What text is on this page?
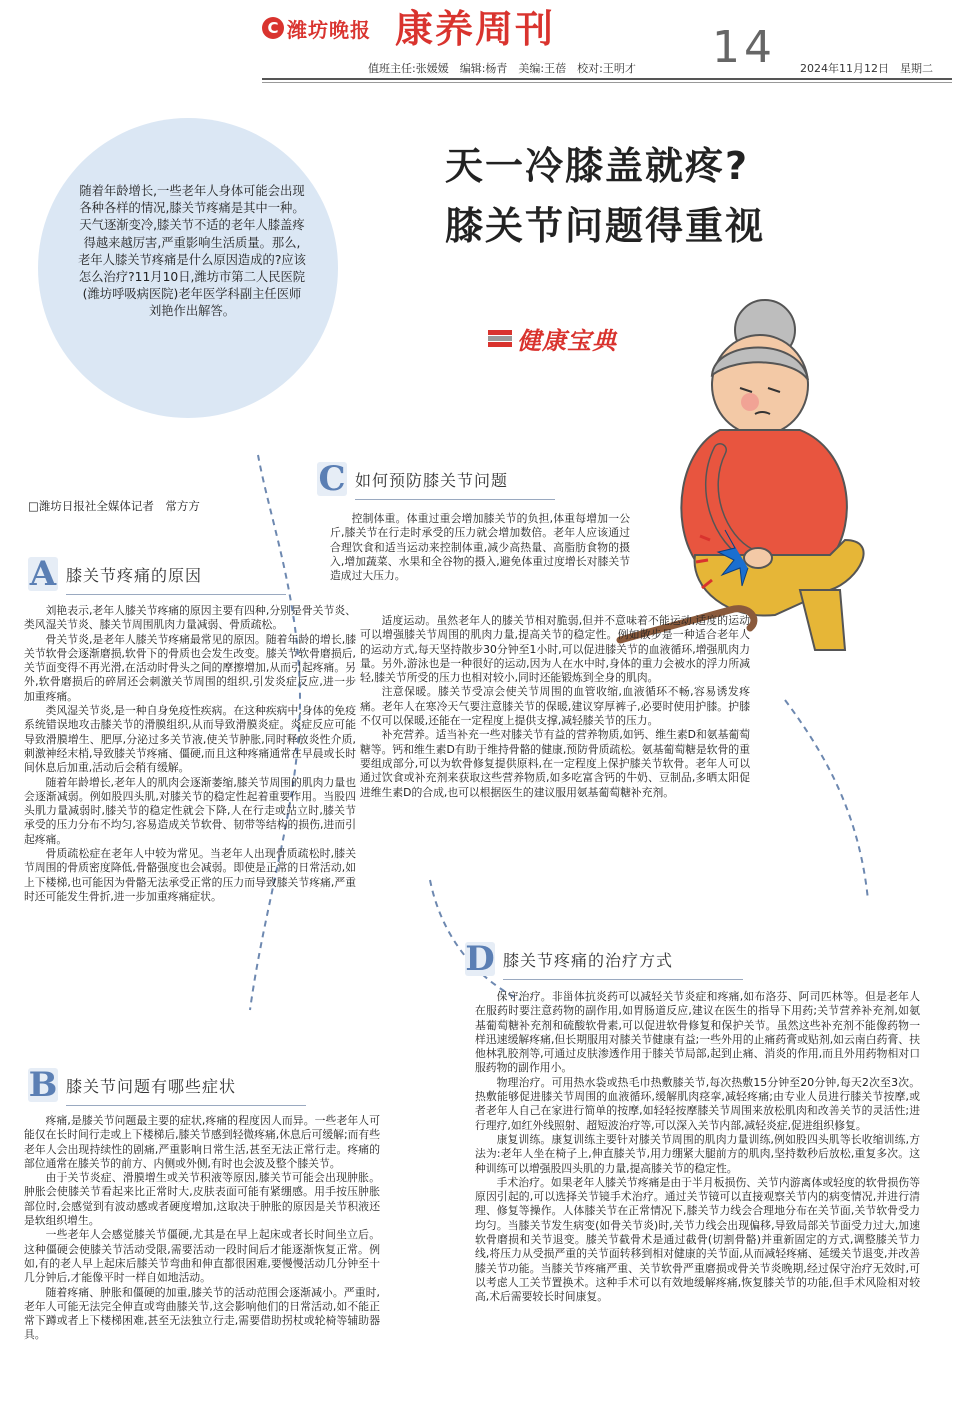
C 潍坊晚报 康养周刊	14
值班主任:张媛媛　编辑:杨青　美编:王蓓　校对:王明才	2024年11月12日　星期二
天一冷膝盖就疼?
膝关节问题得重视
随着年龄增长,一些老年人身体可能会出现各种各样的情况,膝关节疼痛是其中一种。天气逐渐变冷,膝关节不适的老年人膝盖疼得越来越厉害,严重影响生活质量。那么,老年人膝关节疼痛是什么原因造成的?应该怎么治疗?11月10日,潍坊市第二人民医院(潍坊呼吸病医院)老年医学科副主任医师刘艳作出解答。
健康宝典
□潍坊日报社全媒体记者　常方方
A 膝关节疼痛的原因

刘艳表示,老年人膝关节疼痛的原因主要有四种,分别是骨关节炎、类风湿关节炎、膝关节周围肌肉力量减弱、骨质疏松。

骨关节炎,是老年人膝关节疼痛最常见的原因。随着年龄的增长,膝关节软骨会逐渐磨损,软骨下的骨质也会发生改变。膝关节软骨磨损后,关节面变得不再光滑,在活动时骨头之间的摩擦增加,从而引起疼痛。另外,软骨磨损后的碎屑还会刺激关节周围的组织,引发炎症反应,进一步加重疼痛。

类风湿关节炎,是一种自身免疫性疾病。在这种疾病中,身体的免疫系统错误地攻击膝关节的滑膜组织,从而导致滑膜炎症。炎症反应可能导致滑膜增生、肥厚,分泌过多关节液,使关节肿胀,同时释放炎性介质,刺激神经末梢,导致膝关节疼痛、僵硬,而且这种疼痛通常在早晨或长时间休息后加重,活动后会稍有缓解。

随着年龄增长,老年人的肌肉会逐渐萎缩,膝关节周围的肌肉力量也会逐渐减弱。例如股四头肌,对膝关节的稳定性起着重要作用。当股四头肌力量减弱时,膝关节的稳定性就会下降,人在行走或站立时,膝关节承受的压力分布不均匀,容易造成关节软骨、韧带等结构的损伤,进而引起疼痛。

骨质疏松症在老年人中较为常见。当老年人出现骨质疏松时,膝关节周围的骨质密度降低,骨骼强度也会减弱。即使是正常的日常活动,如上下楼梯,也可能因为骨骼无法承受正常的压力而导致膝关节疼痛,严重时还可能发生骨折,进一步加重疼痛症状。

B 膝关节问题有哪些症状

疼痛,是膝关节问题最主要的症状,疼痛的程度因人而异。一些老年人可能仅在长时间行走或上下楼梯后,膝关节感到轻微疼痛,休息后可缓解;而有些老年人会出现持续性的剧痛,严重影响日常生活,甚至无法正常行走。疼痛的部位通常在膝关节的前方、内侧或外侧,有时也会波及整个膝关节。

由于关节炎症、滑膜增生或关节积液等原因,膝关节可能会出现肿胀。肿胀会使膝关节看起来比正常时大,皮肤表面可能有紧绷感。用手按压肿胀部位时,会感觉到有波动感或者硬度增加,这取决于肿胀的原因是关节积液还是软组织增生。

一些老年人会感觉膝关节僵硬,尤其是在早上起床或者长时间坐立后。这种僵硬会使膝关节活动受限,需要活动一段时间后才能逐渐恢复正常。例如,有的老人早上起床后膝关节弯曲和伸直都很困难,要慢慢活动几分钟至十几分钟后,才能像平时一样自如地活动。

随着疼痛、肿胀和僵硬的加重,膝关节的活动范围会逐渐减小。严重时,老年人可能无法完全伸直或弯曲膝关节,这会影响他们的日常活动,如不能正常下蹲或者上下楼梯困难,甚至无法独立行走,需要借助拐杖或轮椅等辅助器具。

C 如何预防膝关节问题

控制体重。体重过重会增加膝关节的负担,体重每增加一公斤,膝关节在行走时承受的压力就会增加数倍。老年人应该通过合理饮食和适当运动来控制体重,减少高热量、高脂肪食物的摄入,增加蔬菜、水果和全谷物的摄入,避免体重过度增长对膝关节造成过大压力。

适度运动。虽然老年人的膝关节相对脆弱,但并不意味着不能运动,适度的运动可以增强膝关节周围的肌肉力量,提高关节的稳定性。例如散步是一种适合老年人的运动方式,每天坚持散步30分钟至1小时,可以促进膝关节的血液循环,增强肌肉力量。另外,游泳也是一种很好的运动,因为人在水中时,身体的重力会被水的浮力所减轻,膝关节所受的压力也相对较小,同时还能锻炼到全身的肌肉。

注意保暖。膝关节受凉会使关节周围的血管收缩,血液循环不畅,容易诱发疼痛。老年人在寒冷天气要注意膝关节的保暖,建议穿厚裤子,必要时使用护膝。护膝不仅可以保暖,还能在一定程度上提供支撑,减轻膝关节的压力。

补充营养。适当补充一些对膝关节有益的营养物质,如钙、维生素D和氨基葡萄糖等。钙和维生素D有助于维持骨骼的健康,预防骨质疏松。氨基葡萄糖是软骨的重要组成部分,可以为软骨修复提供原料,在一定程度上保护膝关节软骨。老年人可以通过饮食或补充剂来获取这些营养物质,如多吃富含钙的牛奶、豆制品,多晒太阳促进维生素D的合成,也可以根据医生的建议服用氨基葡萄糖补充剂。

D 膝关节疼痛的治疗方式

保守治疗。非甾体抗炎药可以减轻关节炎症和疼痛,如布洛芬、阿司匹林等。但是老年人在服药时要注意药物的副作用,如胃肠道反应,建议在医生的指导下用药;关节营养补充剂,如氨基葡萄糖补充剂和硫酸软骨素,可以促进软骨修复和保护关节。虽然这些补充剂不能像药物一样迅速缓解疼痛,但长期服用对膝关节健康有益;一些外用的止痛药膏或贴剂,如云南白药膏、扶他林乳胶剂等,可通过皮肤渗透作用于膝关节局部,起到止痛、消炎的作用,而且外用药物相对口服药物的副作用小。

物理治疗。可用热水袋或热毛巾热敷膝关节,每次热敷15分钟至20分钟,每天2次至3次。热敷能够促进膝关节周围的血液循环,缓解肌肉痉挛,减轻疼痛;由专业人员进行膝关节按摩,或者老年人自己在家进行简单的按摩,如轻轻按摩膝关节周围来放松肌肉和改善关节的灵活性;进行理疗,如红外线照射、超短波治疗等,可以深入关节内部,减轻炎症,促进组织修复。

康复训练。康复训练主要针对膝关节周围的肌肉力量训练,例如股四头肌等长收缩训练,方法为:老年人坐在椅子上,伸直膝关节,用力绷紧大腿前方的肌肉,坚持数秒后放松,重复多次。这种训练可以增强股四头肌的力量,提高膝关节的稳定性。

手术治疗。如果老年人膝关节疼痛是由于半月板损伤、关节内游离体或轻度的软骨损伤等原因引起的,可以选择关节镜手术治疗。通过关节镜可以直接观察关节内的病变情况,并进行清理、修复等操作。人体膝关节在正常情况下,膝关节力线会合理地分布在关节面,关节软骨受力均匀。当膝关节发生病变(如骨关节炎)时,关节力线会出现偏移,导致局部关节面受力过大,加速软骨磨损和关节退变。膝关节截骨术是通过截骨(切割骨骼)并重新固定的方式,调整膝关节力线,将压力从受损严重的关节面转移到相对健康的关节面,从而减轻疼痛、延缓关节退变,并改善膝关节功能。当膝关节疼痛严重、关节软骨严重磨损或骨关节炎晚期,经过保守治疗无效时,可以考虑人工关节置换术。这种手术可以有效地缓解疼痛,恢复膝关节的功能,但手术风险相对较高,术后需要较长时间康复。
